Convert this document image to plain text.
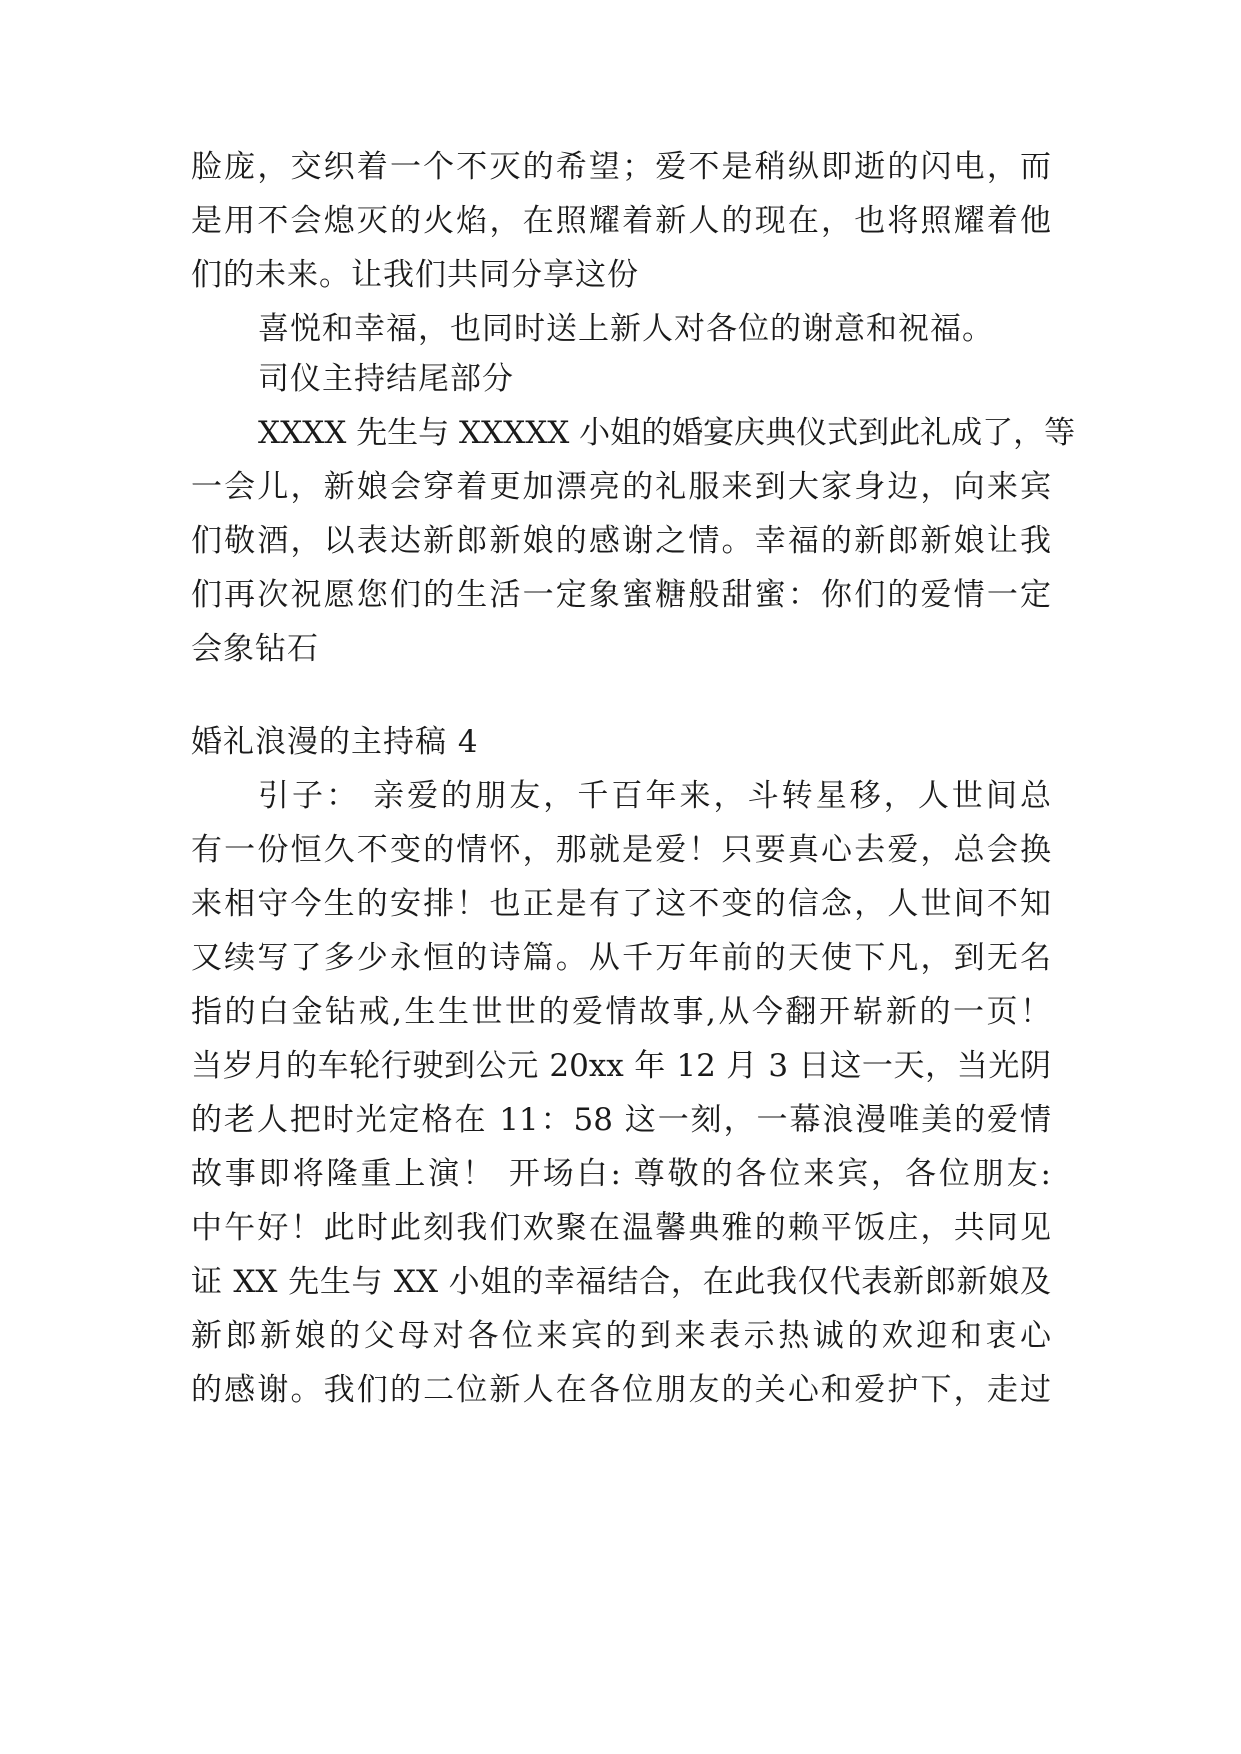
脸庞，交织着一个不灭的希望；爱不是稍纵即逝的闪电，而
是用不会熄灭的火焰，在照耀着新人的现在，也将照耀着他
们的未来。让我们共同分享这份
喜悦和幸福，也同时送上新人对各位的谢意和祝福。
司仪主持结尾部分
XXXX 先生与 XXXXX 小姐的婚宴庆典仪式到此礼成了，等
一会儿，新娘会穿着更加漂亮的礼服来到大家身边，向来宾
们敬酒，以表达新郎新娘的感谢之情。幸福的新郎新娘让我
们再次祝愿您们的生活一定象蜜糖般甜蜜：你们的爱情一定
会象钻石
婚礼浪漫的主持稿 4
引子： 亲爱的朋友，千百年来，斗转星移，人世间总
有一份恒久不变的情怀，那就是爱！只要真心去爱，总会换
来相守今生的安排！也正是有了这不变的信念，人世间不知
又续写了多少永恒的诗篇。从千万年前的天使下凡，到无名
指的白金钻戒,生生世世的爱情故事,从今翻开崭新的一页！
当岁月的车轮行驶到公元 20xx 年 12 月 3 日这一天，当光阴
的老人把时光定格在 11：58 这一刻，一幕浪漫唯美的爱情
故事即将隆重上演！ 开场白: 尊敬的各位来宾，各位朋友:
中午好！此时此刻我们欢聚在温馨典雅的赖平饭庄，共同见
证 XX 先生与 XX 小姐的幸福结合，在此我仅代表新郎新娘及
新郎新娘的父母对各位来宾的到来表示热诚的欢迎和衷心
的感谢。我们的二位新人在各位朋友的关心和爱护下，走过
